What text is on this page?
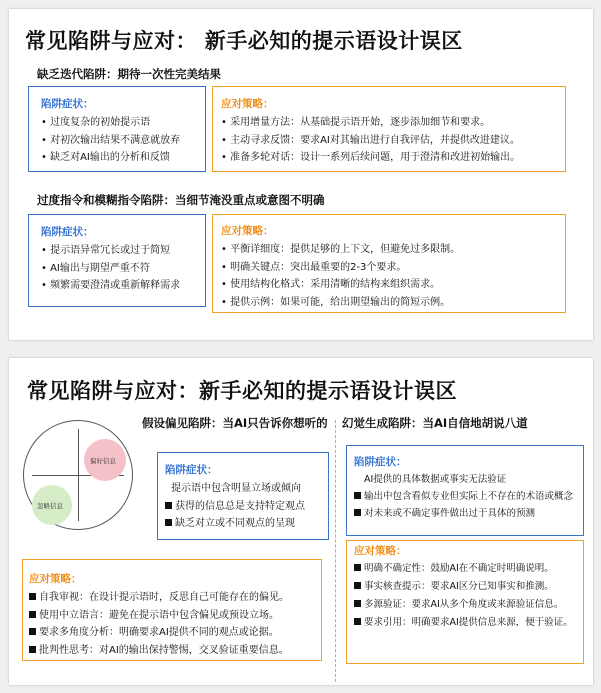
常见陷阱与应对： 新手必知的提示语设计误区
缺乏迭代陷阱：期待一次性完美结果
陷阱症状：
• 过度复杂的初始提示语
• 对初次输出结果不满意就放弃
• 缺乏对AI输出的分析和反馈
应对策略：
• 采用增量方法：从基础提示语开始，逐步添加细节和要求。
• 主动寻求反馈：要求AI对其输出进行自我评估，并提供改进建议。
• 准备多轮对话：设计一系列后续问题，用于澄清和改进初始输出。
过度指令和模糊指令陷阱：当细节淹没重点或意图不明确
陷阱症状：
• 提示语异常冗长或过于简短
• AI输出与期望严重不符
• 频繁需要澄清或重新解释需求
应对策略：
• 平衡详细度：提供足够的上下文，但避免过多限制。
• 明确关键点：突出最重要的2-3个要求。
• 使用结构化格式：采用清晰的结构来组织需求。
• 提供示例：如果可能，给出期望输出的简短示例。
常见陷阱与应对：新手必知的提示语设计误区
假设偏见陷阱：当AI只告诉你想听的
偏好信息
忽略信息
陷阱症状：
提示语中包含明显立场或倾向
获得的信息总是支持特定观点
缺乏对立或不同观点的呈现
应对策略：
自我审视：在设计提示语时，反思自己可能存在的偏见。
使用中立语言：避免在提示语中包含偏见或预设立场。
要求多角度分析：明确要求AI提供不同的观点或论据。
批判性思考：对AI的输出保持警惕，交叉验证重要信息。
幻觉生成陷阱：当AI自信地胡说八道
陷阱症状：
AI提供的具体数据或事实无法验证
输出中包含看似专业但实际上不存在的术语或概念
对未来或不确定事件做出过于具体的预测
应对策略：
明确不确定性：鼓励AI在不确定时明确说明。
事实核查提示：要求AI区分已知事实和推测。
多源验证：要求AI从多个角度或来源验证信息。
要求引用：明确要求AI提供信息来源，便于验证。
